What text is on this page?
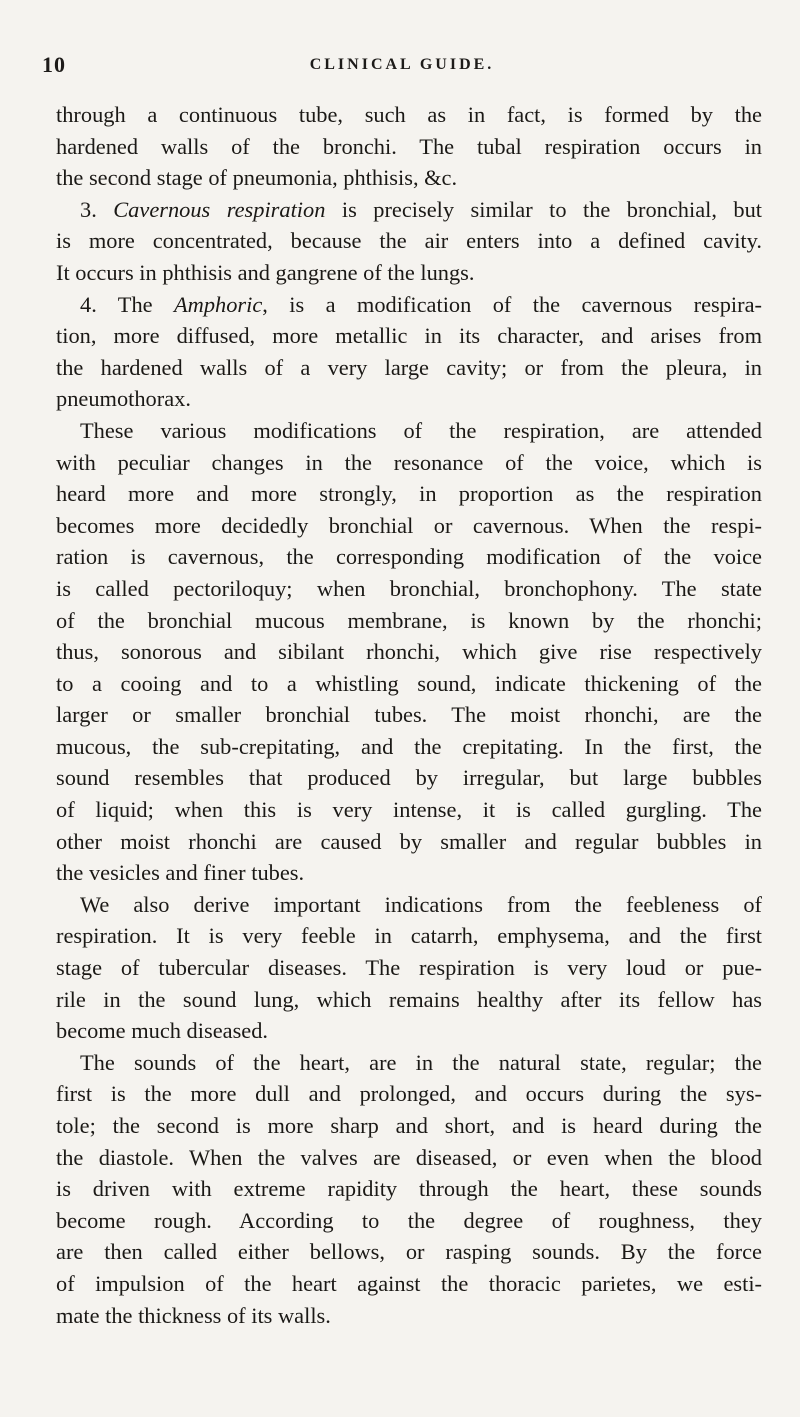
10	CLINICAL GUIDE.
through a continuous tube, such as in fact, is formed by the
hardened walls of the bronchi. The tubal respiration occurs in
the second stage of pneumonia, phthisis, &c.
3. Cavernous respiration is precisely similar to the bronchial, but
is more concentrated, because the air enters into a defined cavity.
It occurs in phthisis and gangrene of the lungs.
4. The Amphoric, is a modification of the cavernous respira-
tion, more diffused, more metallic in its character, and arises from
the hardened walls of a very large cavity; or from the pleura, in
pneumothorax.
These various modifications of the respiration, are attended
with peculiar changes in the resonance of the voice, which is
heard more and more strongly, in proportion as the respiration
becomes more decidedly bronchial or cavernous. When the respi-
ration is cavernous, the corresponding modification of the voice
is called pectoriloquy; when bronchial, bronchophony. The state
of the bronchial mucous membrane, is known by the rhonchi;
thus, sonorous and sibilant rhonchi, which give rise respectively
to a cooing and to a whistling sound, indicate thickening of the
larger or smaller bronchial tubes. The moist rhonchi, are the
mucous, the sub-crepitating, and the crepitating. In the first, the
sound resembles that produced by irregular, but large bubbles
of liquid; when this is very intense, it is called gurgling. The
other moist rhonchi are caused by smaller and regular bubbles in
the vesicles and finer tubes.
We also derive important indications from the feebleness of
respiration. It is very feeble in catarrh, emphysema, and the first
stage of tubercular diseases. The respiration is very loud or pue-
rile in the sound lung, which remains healthy after its fellow has
become much diseased.
The sounds of the heart, are in the natural state, regular; the
first is the more dull and prolonged, and occurs during the sys-
tole; the second is more sharp and short, and is heard during the
the diastole. When the valves are diseased, or even when the blood
is driven with extreme rapidity through the heart, these sounds
become rough. According to the degree of roughness, they
are then called either bellows, or rasping sounds. By the force
of impulsion of the heart against the thoracic parietes, we esti-
mate the thickness of its walls.
